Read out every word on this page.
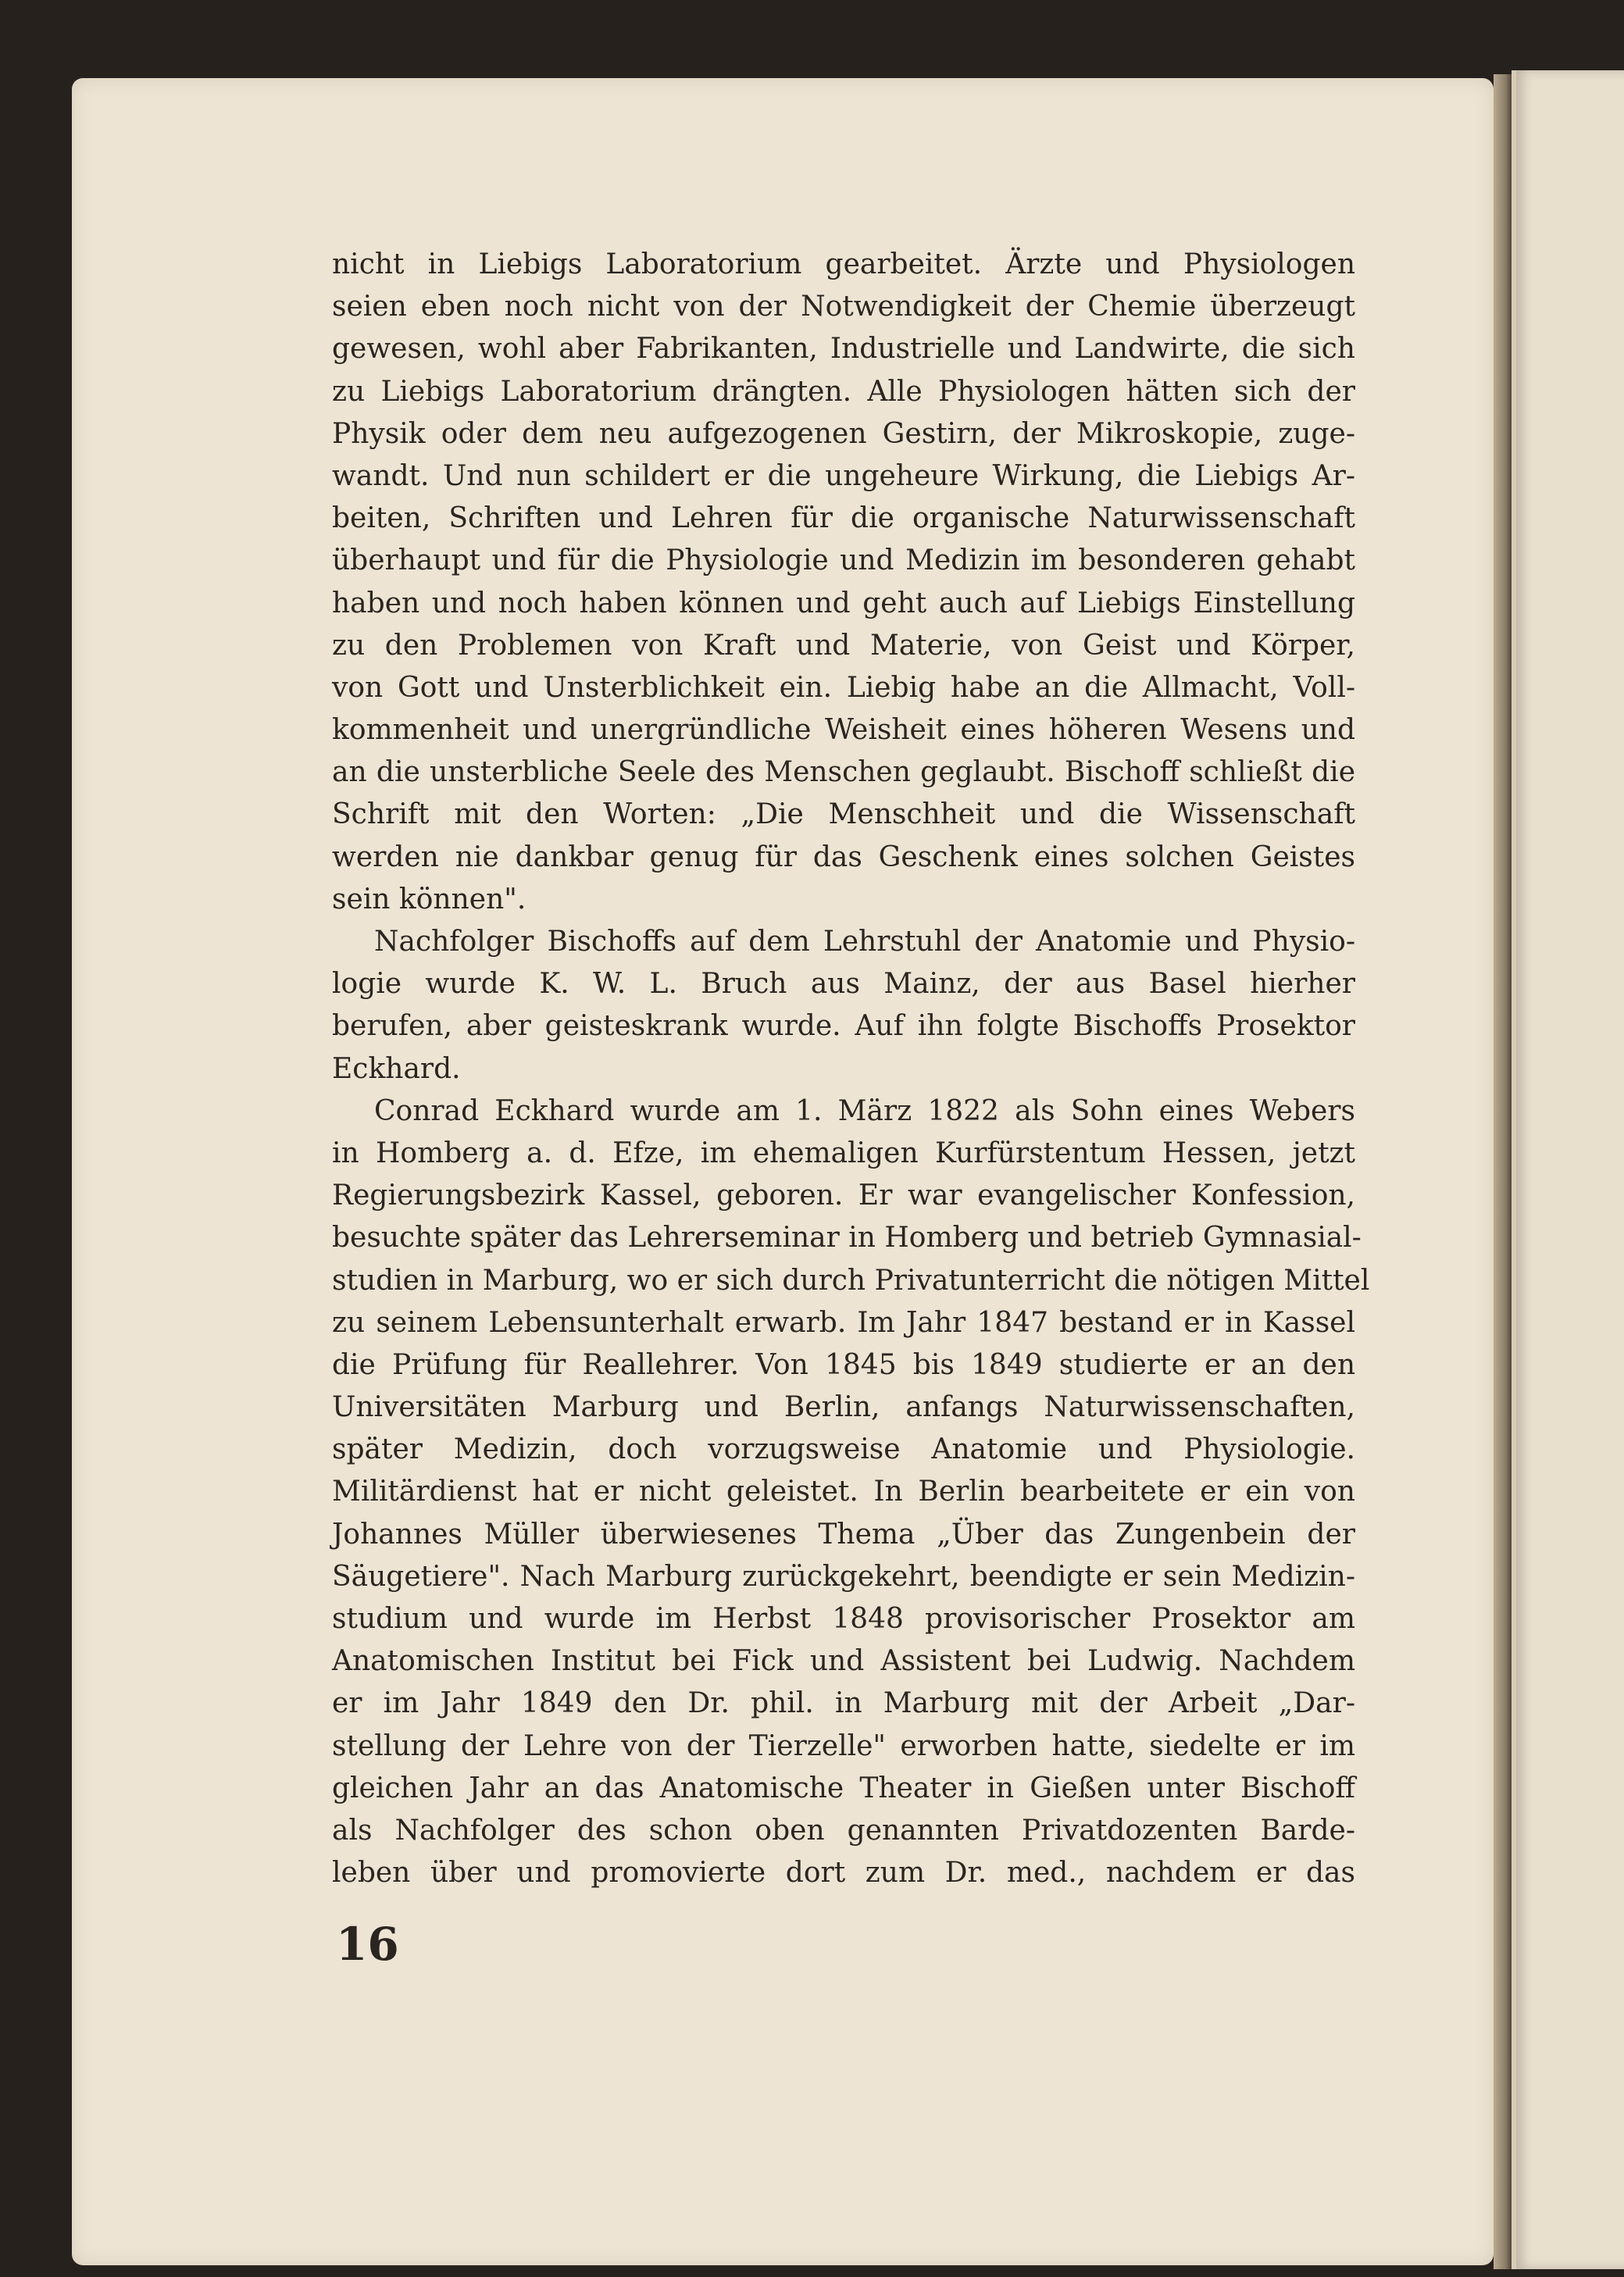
nicht in Liebigs Laboratorium gearbeitet. Ärzte und Physiologen
seien eben noch nicht von der Notwendigkeit der Chemie überzeugt
gewesen, wohl aber Fabrikanten, Industrielle und Landwirte, die sich
zu Liebigs Laboratorium drängten. Alle Physiologen hätten sich der
Physik oder dem neu aufgezogenen Gestirn, der Mikroskopie, zuge-
wandt. Und nun schildert er die ungeheure Wirkung, die Liebigs Ar-
beiten, Schriften und Lehren für die organische Naturwissenschaft
überhaupt und für die Physiologie und Medizin im besonderen gehabt
haben und noch haben können und geht auch auf Liebigs Einstellung
zu den Problemen von Kraft und Materie, von Geist und Körper,
von Gott und Unsterblichkeit ein. Liebig habe an die Allmacht, Voll-
kommenheit und unergründliche Weisheit eines höheren Wesens und
an die unsterbliche Seele des Menschen geglaubt. Bischoff schließt die
Schrift mit den Worten: „Die Menschheit und die Wissenschaft
werden nie dankbar genug für das Geschenk eines solchen Geistes
sein können".
Nachfolger Bischoffs auf dem Lehrstuhl der Anatomie und Physio-
logie wurde K. W. L. Bruch aus Mainz, der aus Basel hierher
berufen, aber geisteskrank wurde. Auf ihn folgte Bischoffs Prosektor
Eckhard.
Conrad Eckhard wurde am 1. März 1822 als Sohn eines Webers
in Homberg a. d. Efze, im ehemaligen Kurfürstentum Hessen, jetzt
Regierungsbezirk Kassel, geboren. Er war evangelischer Konfession,
besuchte später das Lehrerseminar in Homberg und betrieb Gymnasial-
studien in Marburg, wo er sich durch Privatunterricht die nötigen Mittel
zu seinem Lebensunterhalt erwarb. Im Jahr 1847 bestand er in Kassel
die Prüfung für Reallehrer. Von 1845 bis 1849 studierte er an den
Universitäten Marburg und Berlin, anfangs Naturwissenschaften,
später Medizin, doch vorzugsweise Anatomie und Physiologie.
Militärdienst hat er nicht geleistet. In Berlin bearbeitete er ein von
Johannes Müller überwiesenes Thema „Über das Zungenbein der
Säugetiere". Nach Marburg zurückgekehrt, beendigte er sein Medizin-
studium und wurde im Herbst 1848 provisorischer Prosektor am
Anatomischen Institut bei Fick und Assistent bei Ludwig. Nachdem
er im Jahr 1849 den Dr. phil. in Marburg mit der Arbeit „Dar-
stellung der Lehre von der Tierzelle" erworben hatte, siedelte er im
gleichen Jahr an das Anatomische Theater in Gießen unter Bischoff
als Nachfolger des schon oben genannten Privatdozenten Barde-
leben über und promovierte dort zum Dr. med., nachdem er das
16
